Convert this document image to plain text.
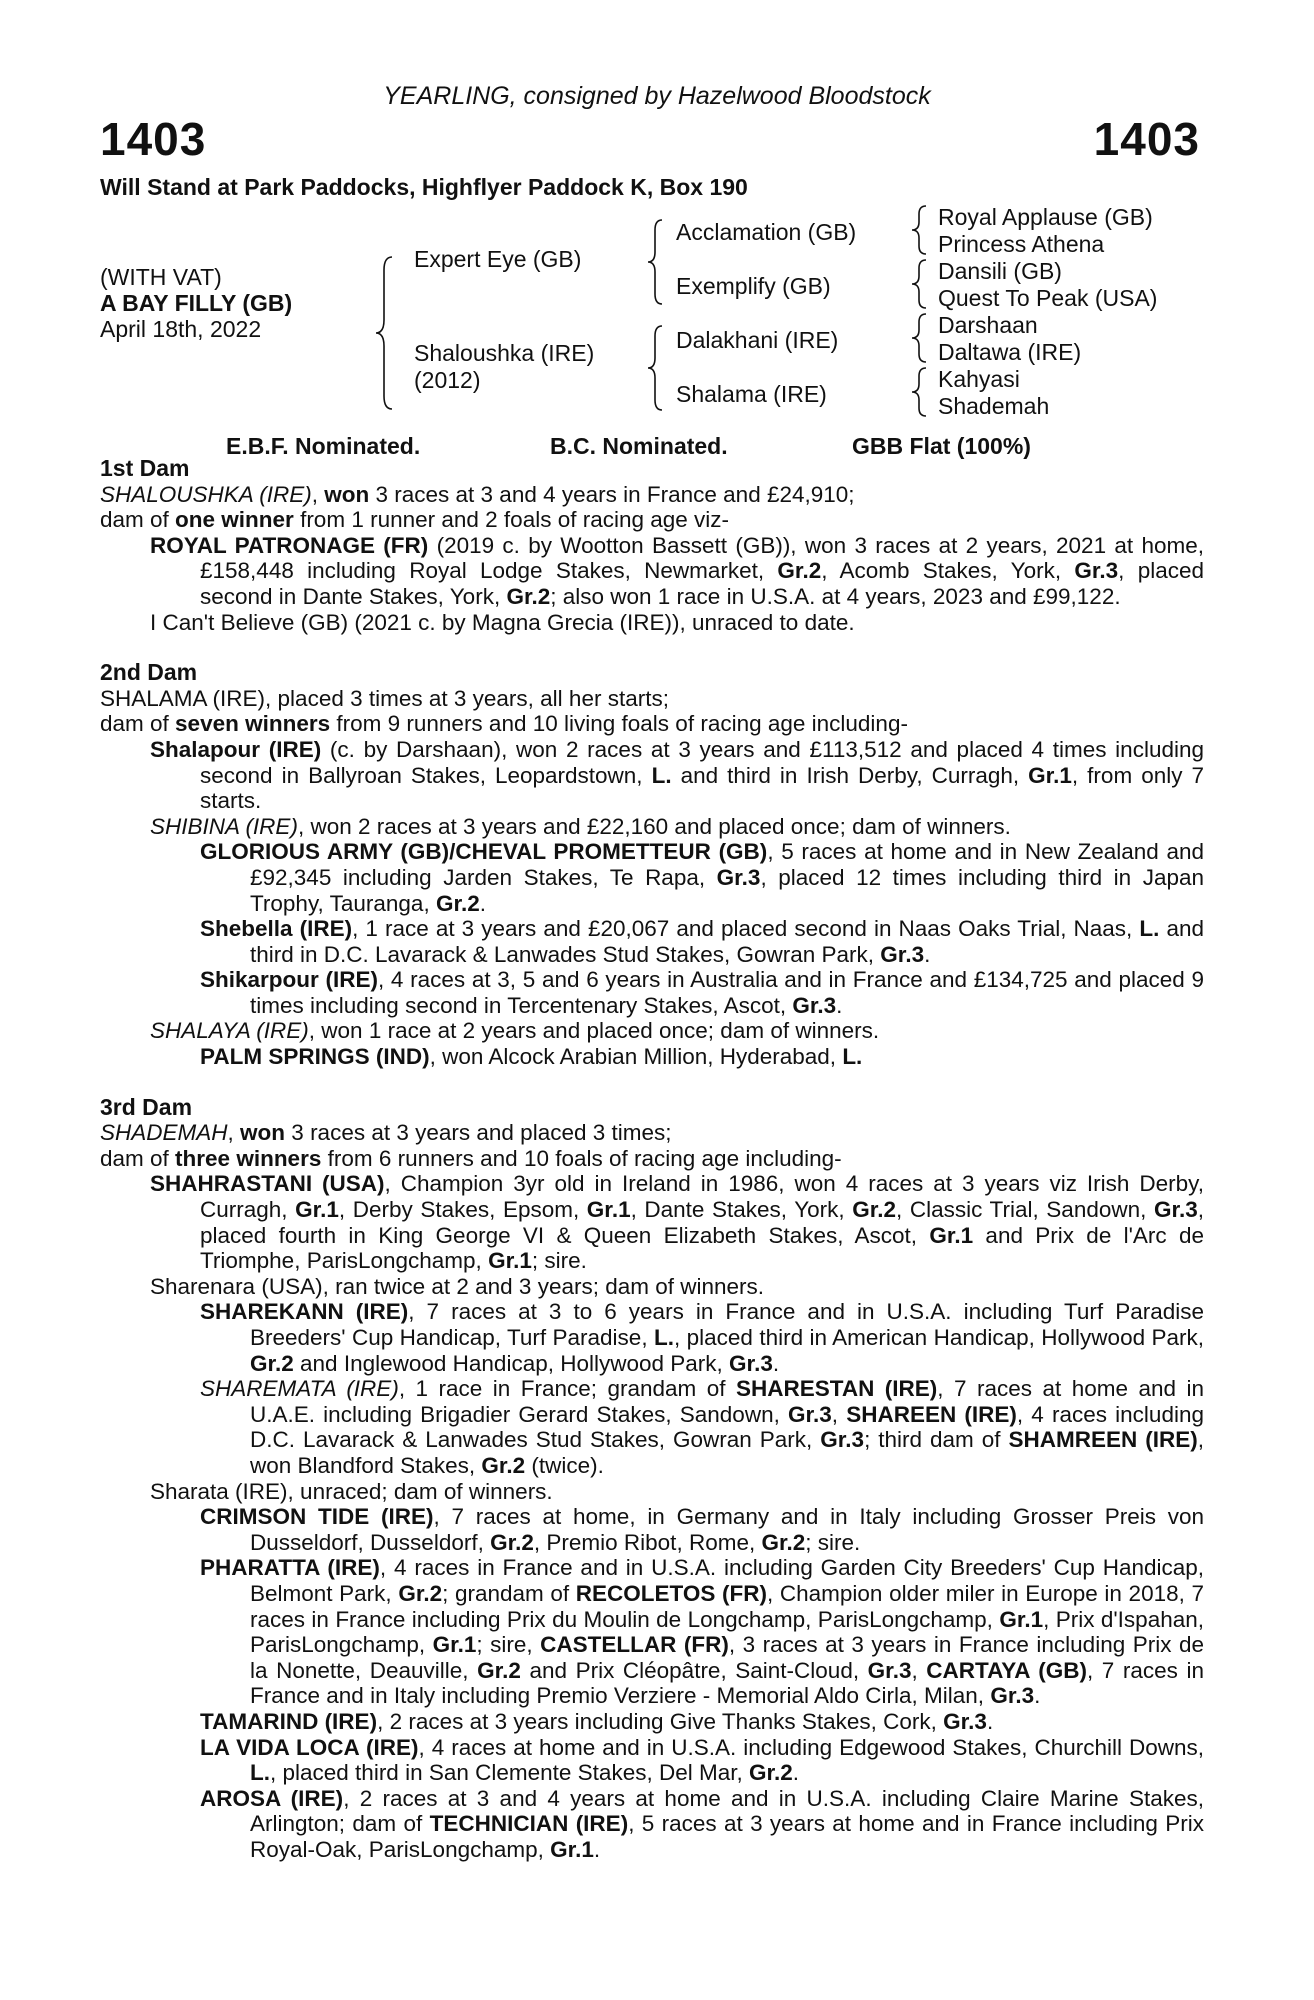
YEARLING, consigned by Hazelwood Bloodstock
1403	1403
Will Stand at Park Paddocks, Highflyer Paddock K, Box 190
(WITH VAT)
A BAY FILLY (GB)
April 18th, 2022
Expert Eye (GB)
Shaloushka (IRE)
(2012)
Acclamation (GB)
Exemplify (GB)
Dalakhani (IRE)
Shalama (IRE)
Royal Applause (GB)
Princess Athena
Dansili (GB)
Quest To Peak (USA)
Darshaan
Daltawa (IRE)
Kahyasi
Shademah
E.B.F. Nominated.	B.C. Nominated.	GBB Flat (100%)
1st Dam
SHALOUSHKA (IRE), won 3 races at 3 and 4 years in France and £24,910;
dam of one winner from 1 runner and 2 foals of racing age viz-
ROYAL PATRONAGE (FR) (2019 c. by Wootton Bassett (GB)), won 3 races at 2 years, 2021 at home, £158,448 including Royal Lodge Stakes, Newmarket, Gr.2, Acomb Stakes, York, Gr.3, placed second in Dante Stakes, York, Gr.2; also won 1 race in U.S.A. at 4 years, 2023 and £99,122.
I Can't Believe (GB) (2021 c. by Magna Grecia (IRE)), unraced to date.
2nd Dam
SHALAMA (IRE), placed 3 times at 3 years, all her starts;
dam of seven winners from 9 runners and 10 living foals of racing age including-
Shalapour (IRE) (c. by Darshaan), won 2 races at 3 years and £113,512 and placed 4 times including second in Ballyroan Stakes, Leopardstown, L. and third in Irish Derby, Curragh, Gr.1, from only 7 starts.
SHIBINA (IRE), won 2 races at 3 years and £22,160 and placed once; dam of winners.
GLORIOUS ARMY (GB)/CHEVAL PROMETTEUR (GB), 5 races at home and in New Zealand and £92,345 including Jarden Stakes, Te Rapa, Gr.3, placed 12 times including third in Japan Trophy, Tauranga, Gr.2.
Shebella (IRE), 1 race at 3 years and £20,067 and placed second in Naas Oaks Trial, Naas, L. and third in D.C. Lavarack & Lanwades Stud Stakes, Gowran Park, Gr.3.
Shikarpour (IRE), 4 races at 3, 5 and 6 years in Australia and in France and £134,725 and placed 9 times including second in Tercentenary Stakes, Ascot, Gr.3.
SHALAYA (IRE), won 1 race at 2 years and placed once; dam of winners.
PALM SPRINGS (IND), won Alcock Arabian Million, Hyderabad, L.
3rd Dam
SHADEMAH, won 3 races at 3 years and placed 3 times;
dam of three winners from 6 runners and 10 foals of racing age including-
SHAHRASTANI (USA), Champion 3yr old in Ireland in 1986, won 4 races at 3 years viz Irish Derby, Curragh, Gr.1, Derby Stakes, Epsom, Gr.1, Dante Stakes, York, Gr.2, Classic Trial, Sandown, Gr.3, placed fourth in King George VI & Queen Elizabeth Stakes, Ascot, Gr.1 and Prix de l'Arc de Triomphe, ParisLongchamp, Gr.1; sire.
Sharenara (USA), ran twice at 2 and 3 years; dam of winners.
SHAREKANN (IRE), 7 races at 3 to 6 years in France and in U.S.A. including Turf Paradise Breeders' Cup Handicap, Turf Paradise, L., placed third in American Handicap, Hollywood Park, Gr.2 and Inglewood Handicap, Hollywood Park, Gr.3.
SHAREMATA (IRE), 1 race in France; grandam of SHARESTAN (IRE), 7 races at home and in U.A.E. including Brigadier Gerard Stakes, Sandown, Gr.3, SHAREEN (IRE), 4 races including D.C. Lavarack & Lanwades Stud Stakes, Gowran Park, Gr.3; third dam of SHAMREEN (IRE), won Blandford Stakes, Gr.2 (twice).
Sharata (IRE), unraced; dam of winners.
CRIMSON TIDE (IRE), 7 races at home, in Germany and in Italy including Grosser Preis von Dusseldorf, Dusseldorf, Gr.2, Premio Ribot, Rome, Gr.2; sire.
PHARATTA (IRE), 4 races in France and in U.S.A. including Garden City Breeders' Cup Handicap, Belmont Park, Gr.2; grandam of RECOLETOS (FR), Champion older miler in Europe in 2018, 7 races in France including Prix du Moulin de Longchamp, ParisLongchamp, Gr.1, Prix d'Ispahan, ParisLongchamp, Gr.1; sire, CASTELLAR (FR), 3 races at 3 years in France including Prix de la Nonette, Deauville, Gr.2 and Prix Cléopâtre, Saint-Cloud, Gr.3, CARTAYA (GB), 7 races in France and in Italy including Premio Verziere - Memorial Aldo Cirla, Milan, Gr.3.
TAMARIND (IRE), 2 races at 3 years including Give Thanks Stakes, Cork, Gr.3.
LA VIDA LOCA (IRE), 4 races at home and in U.S.A. including Edgewood Stakes, Churchill Downs, L., placed third in San Clemente Stakes, Del Mar, Gr.2.
AROSA (IRE), 2 races at 3 and 4 years at home and in U.S.A. including Claire Marine Stakes, Arlington; dam of TECHNICIAN (IRE), 5 races at 3 years at home and in France including Prix Royal-Oak, ParisLongchamp, Gr.1.
